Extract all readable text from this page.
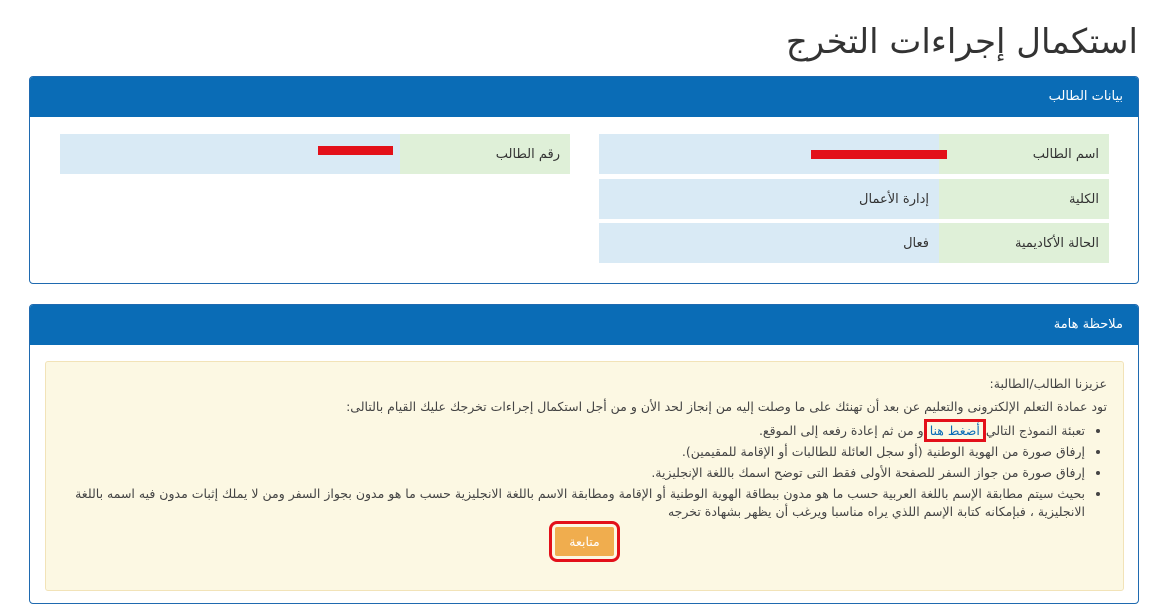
استكمال إجراءات التخرج
بيانات الطالب
اسم الطالب
الكلية
إدارة الأعمال
الحالة الأكاديمية
فعال
رقم الطالب
ملاحظة هامة

عزيزنا الطالب/الطالبة:

تود عمادة التعلم الإلكترونى والتعليم عن بعد أن تهنئك على ما وصلت إليه من إنجاز لحد الأن و من أجل استكمال إجراءات تخرجك عليك القيام بالتالى:

• تعبئة النموذج التالي أضغط هنا و من ثم إعادة رفعه إلى الموقع.
• إرفاق صورة من الهوية الوطنية (أو سجل العائلة للطالبات أو الإقامة للمقيمين).
• إرفاق صورة من جواز السفر للصفحة الأولى فقط التى توضح اسمك باللغة الإنجليزية.
• بحيث سيتم مطابقة الإسم باللغة العربية حسب ما هو مدون ببطاقة الهوية الوطنية أو الإقامة ومطابقة الاسم باللغة الانجليزية حسب ما هو مدون بجواز السفر ومن لا يملك إثبات مدون فيه اسمه باللغة الانجليزية ، فبإمكانه كتابة الإسم اللذي يراه مناسبا ويرغب أن يظهر بشهادة تخرجه
متابعة
